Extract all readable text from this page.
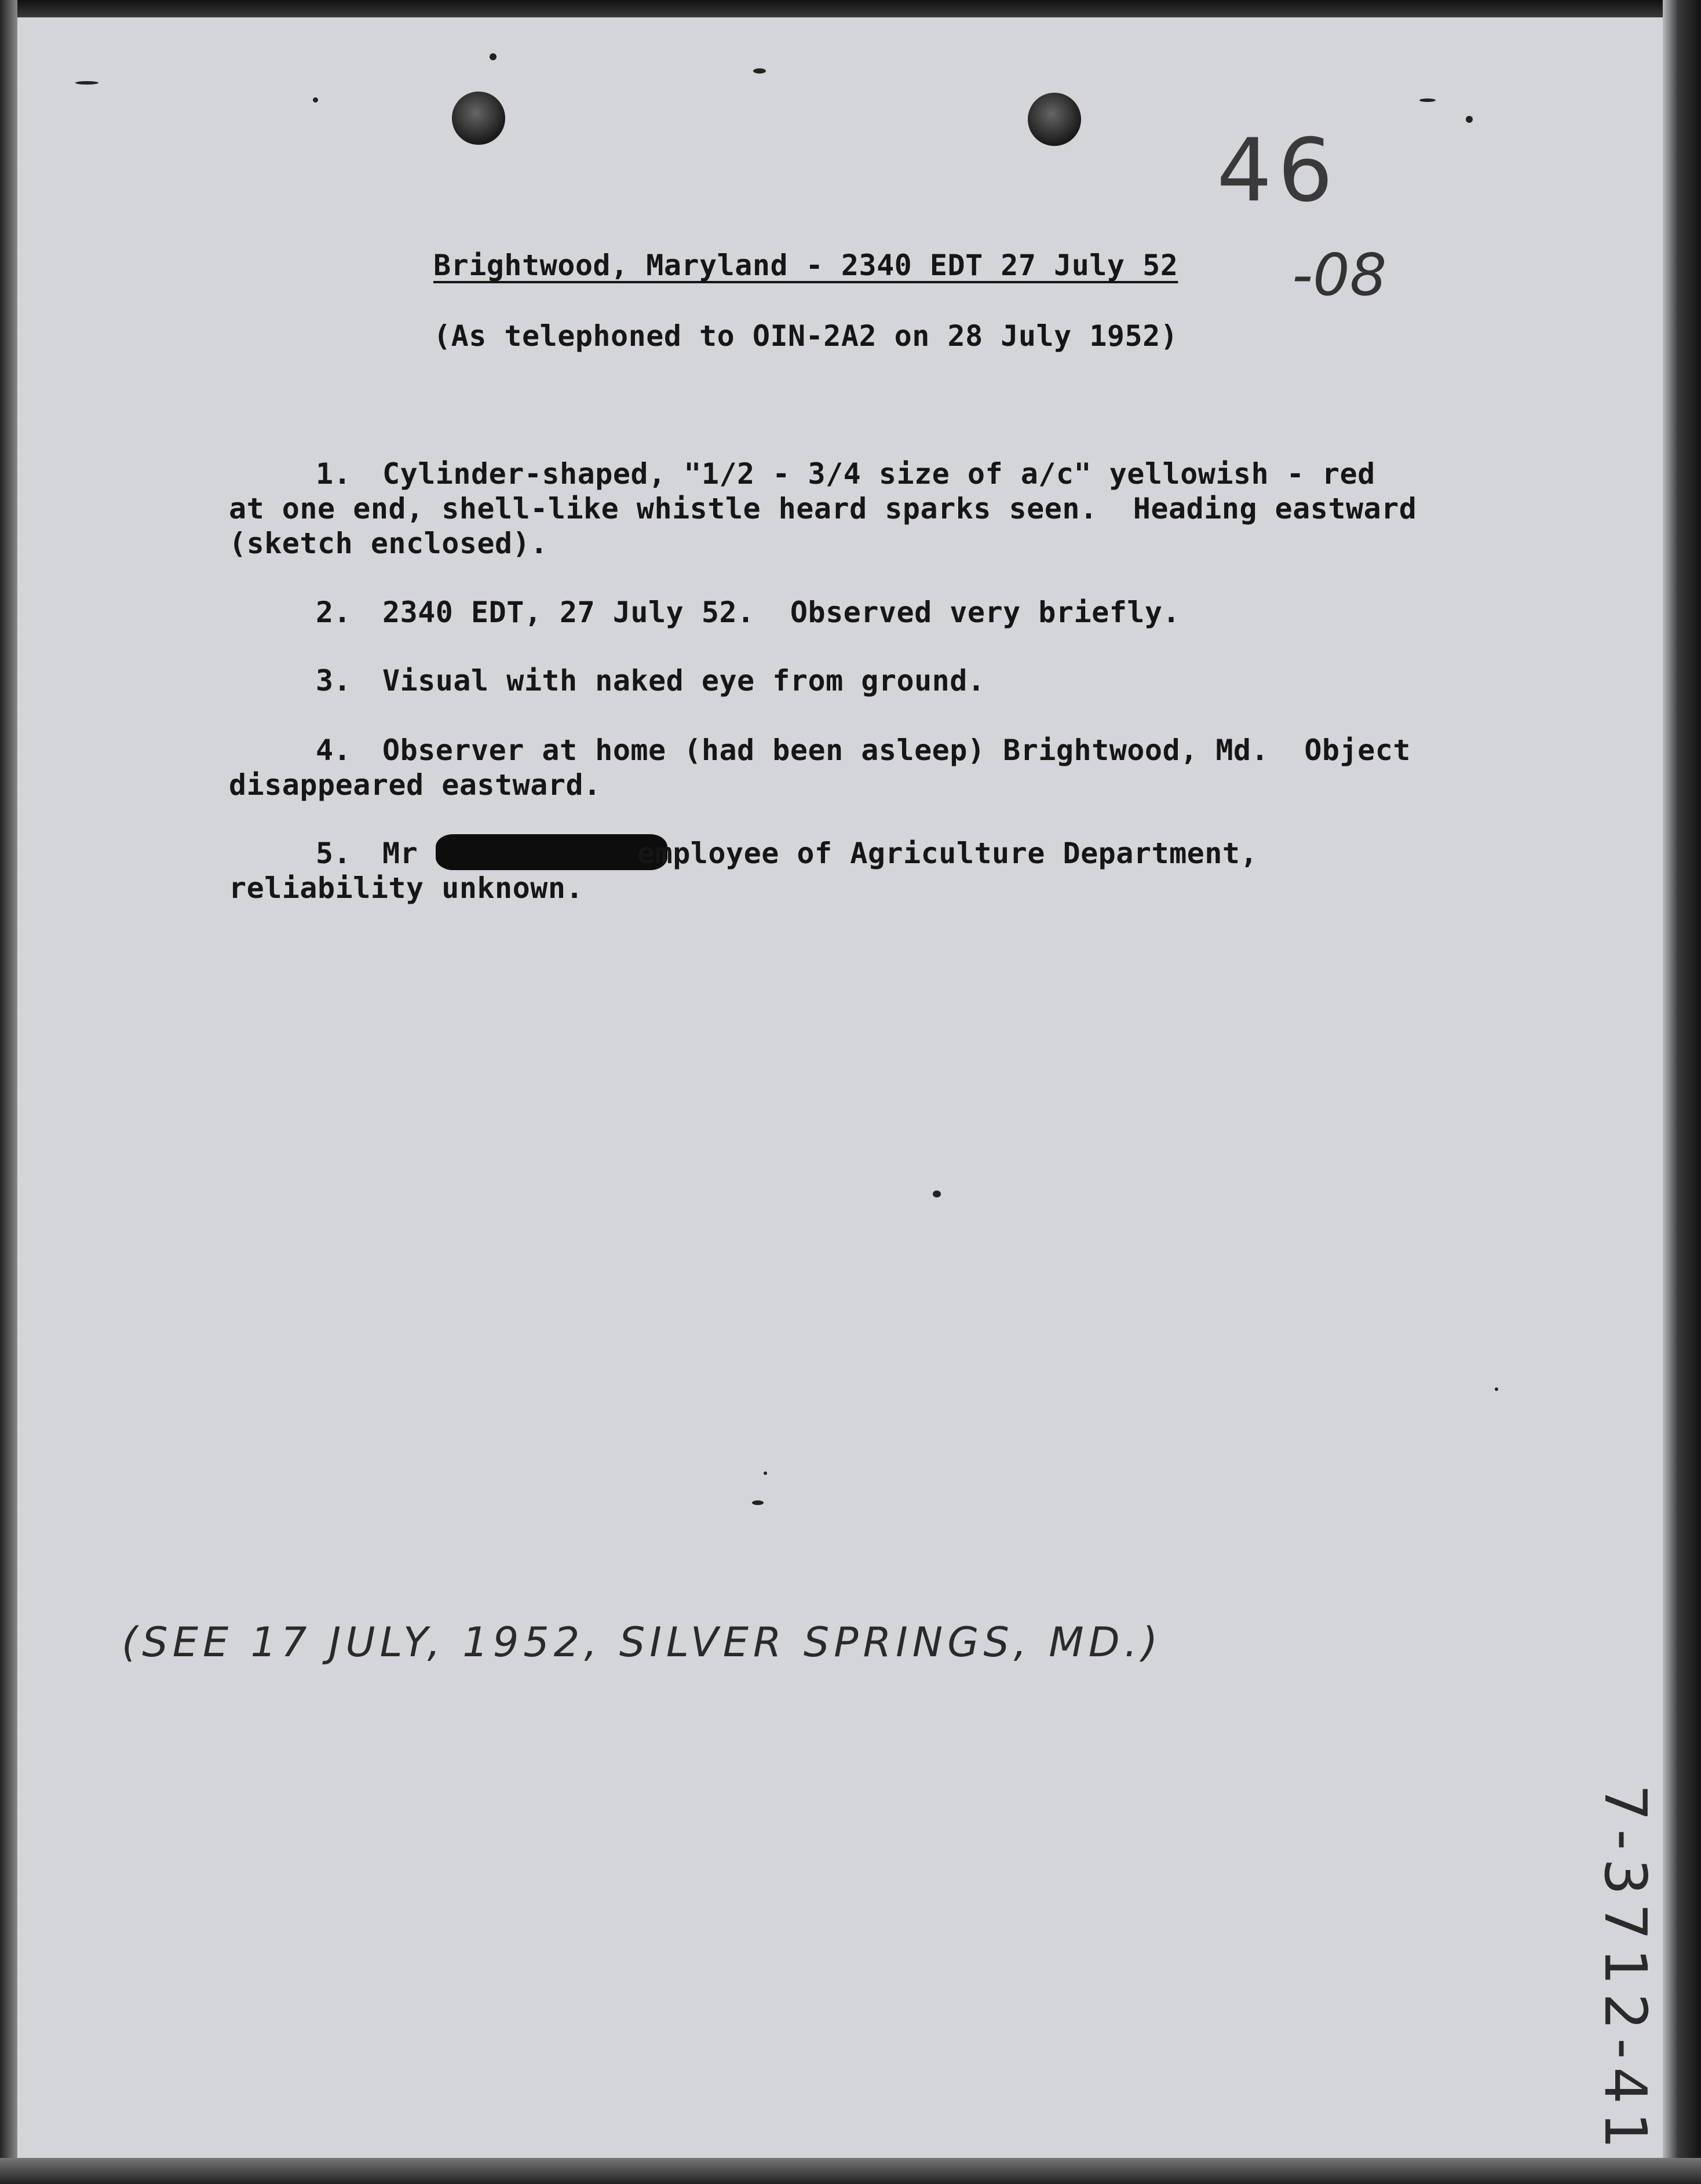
46
-08
Brightwood, Maryland - 2340 EDT 27 July 52
(As telephoned to OIN-2A2 on 28 July 1952)
1. Cylinder-shaped, "1/2 - 3/4 size of a/c" yellowish - red
at one end, shell-like whistle heard sparks seen.  Heading eastward
(sketch enclosed).
2. 2340 EDT, 27 July 52.  Observed very briefly.
3. Visual with naked eye from ground.
4. Observer at home (had been asleep) Brightwood, Md.  Object
disappeared eastward.
5. Mr	employee of Agriculture Department,
reliability unknown.
(SEE 17 JULY, 1952, SILVER SPRINGS, MD.)
7-3712-41
